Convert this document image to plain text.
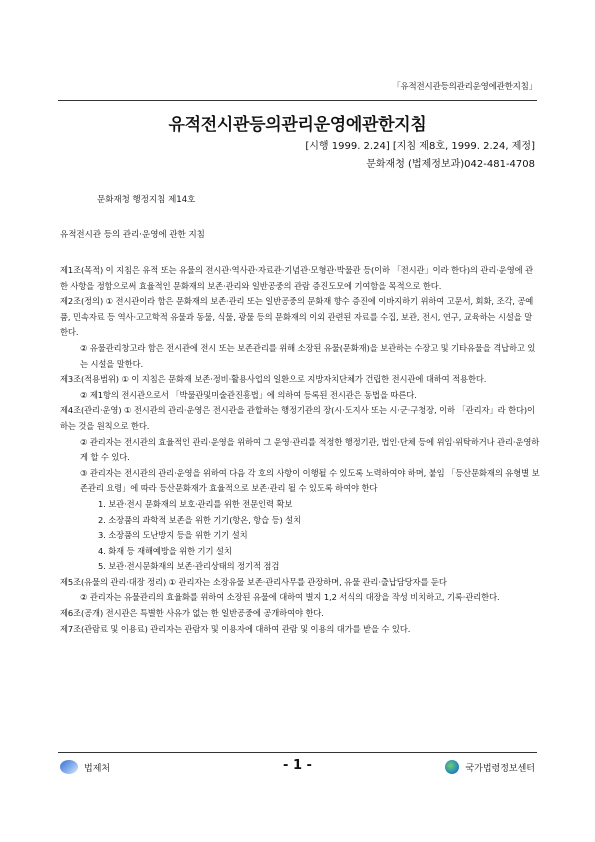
「유적전시관등의관리운영에관한지침」
유적전시관등의관리운영에관한지침
[시행 1999. 2.24] [지침 제8호, 1999. 2.24, 제정]
문화재청 (법제정보과)042-481-4708
문화재청 행정지침 제14호
유적전시관 등의 관리·운영에 관한 지침

제1조(목적) 이 지침은 유적 또는 유물의 전시관·역사관·자료관·기념관·모형관·박물관 등(이하 「전시관」이라 한다)의 관리·운영에 관한 사항을 정함으로써 효율적인 문화재의 보존·관리와 일반공중의 관람 증진도모에 기여함을 목적으로 한다.

제2조(정의) ① 전시관이라 함은 문화재의 보존·관리 또는 일반공중의 문화재 향수 증진에 이바지하기 위하여 고문서, 회화, 조각, 공예품, 민속자료 등 역사·고고학적 유물과 동물, 식물, 광물 등의 문화재의 이외 관련된 자료를 수집, 보관, 전시, 연구, 교육하는 시설을 말한다.

② 유물관리창고라 함은 전시관에 전시 또는 보존관리를 위해 소장된 유물(문화재)을 보관하는 수장고 및 기타유물을 격납하고 있는 시설을 말한다.

제3조(적용범위) ① 이 지침은 문화재 보존·정비·활용사업의 일환으로 지방자치단체가 건립한 전시관에 대하여 적용한다.

② 제1항의 전시관으로서 「박물관및미술관진흥법」에 의하여 등록된 전시관은 동법을 따른다.

제4조(관리·운영) ① 전시관의 관리·운영은 전시관을 관할하는 행정기관의 장(시·도지사 또는 시·군·구청장, 이하 「관리자」라 한다)이 하는 것을 원칙으로 한다.

② 관리자는 전시관의 효율적인 관리·운영을 위하여 그 운영·관리를 적정한 행정기관, 법인·단체 등에 위임·위탁하거나 관리·운영하게 할 수 있다.

③ 관리자는 전시관의 관리·운영을 위하여 다음 각 호의 사항이 이행될 수 있도록 노력하여야 하며, 붙임 「등산문화재의 유형별 보존관리 요령」에 따라 등산문화재가 효율적으로 보존·관리 될 수 있도록 하여야 한다

1. 보관·전시 문화재의 보호·관리를 위한 전문인력 확보

2. 소장품의 과학적 보존을 위한 기기(항온, 항습 등) 설치

3. 소장품의 도난방지 등을 위한 기기 설치

4. 화재 등 재해예방을 위한 기기 설치

5. 보관·전시문화재의 보존·관리상태의 정기적 점검

제5조(유물의 관리·대장 정리) ① 관리자는 소장유물 보존·관리사무를 관장하며, 유물 관리·출납담당자를 둔다

② 관리자는 유물관리의 효율화를 위하여 소장된 유물에 대하여 별지 1,2 서식의 대장을 작성 비치하고, 기록·관리한다.

제6조(공개) 전시관은 특별한 사유가 없는 한 일반공중에 공개하여야 한다.

제7조(관람료 및 이용료) 관리자는 관람자 및 이용자에 대하여 관람 및 이용의 대가를 받을 수 있다.

법제처	- 1 -	국가법령정보센터
